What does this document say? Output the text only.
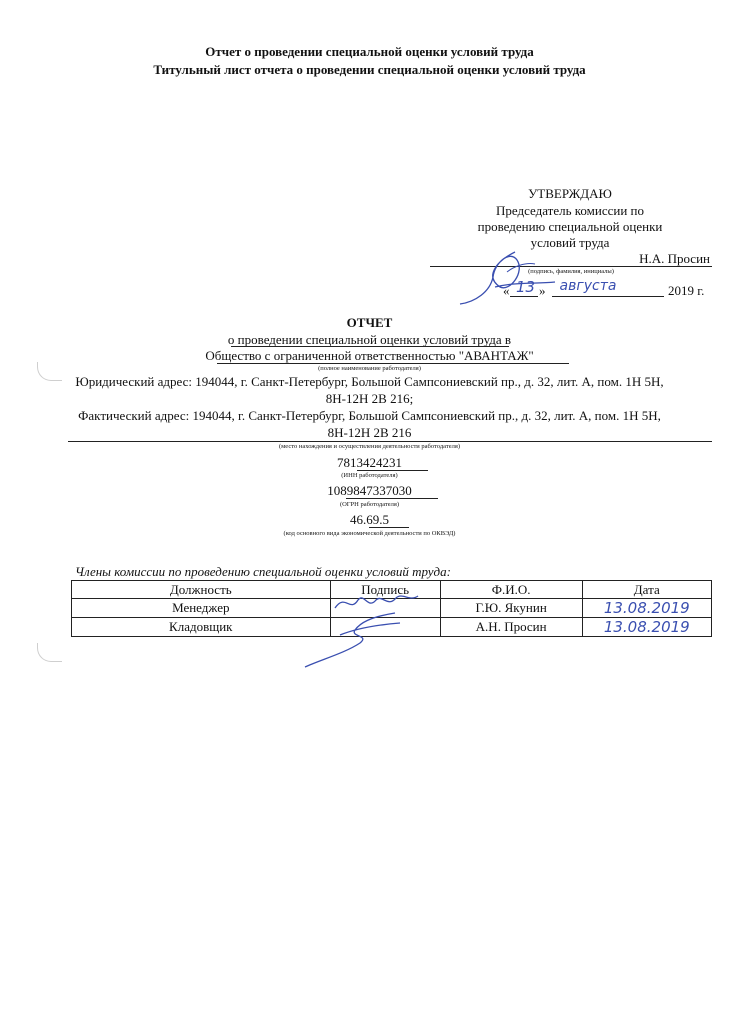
Отчет о проведении специальной оценки условий труда
Титульный лист отчета о проведении специальной оценки условий труда
УТВЕРЖДАЮ
Председатель комиссии по
проведению специальной оценки
условий труда
Н.А. Просин
(подпись, фамилия, инициалы)
« 13 »	августа	2019 г.
ОТЧЕТ
о проведении специальной оценки условий труда в
Общество с ограниченной ответственностью "АВАНТАЖ"
(полное наименование работодателя)
Юридический адрес: 194044, г. Санкт-Петербург, Большой Сампсониевский пр., д. 32, лит. А, пом. 1Н 5Н,
8Н-12Н 2В 216;
Фактический адрес: 194044, г. Санкт-Петербург, Большой Сампсониевский пр., д. 32, лит. А, пом. 1Н 5Н,
8Н-12Н 2В 216
(место нахождения и осуществления деятельности работодателя)
7813424231
(ИНН работодателя)
1089847337030
(ОГРН работодателя)
46.69.5
(код основного вида экономической деятельности по ОКВЭД)
Члены комиссии по проведению специальной оценки условий труда:
Должность	Подпись	Ф.И.О.	Дата
Менеджер		Г.Ю. Якунин	13.08.2019
Кладовщик		А.Н. Просин	13.08.2019
